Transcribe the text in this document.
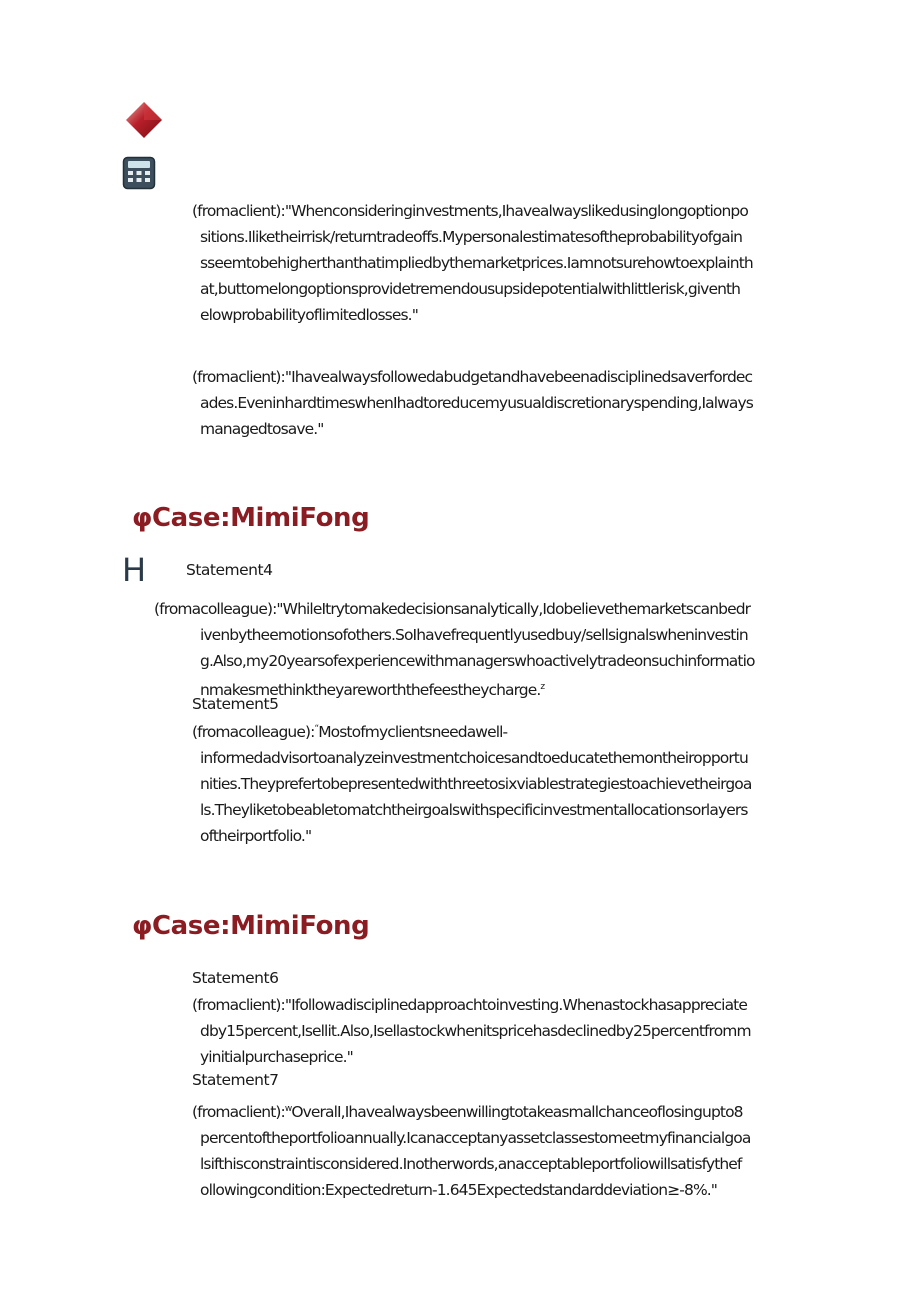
(fromaclient):"Whenconsideringinvestments,Ihavealwayslikedusinglongoptionpo
sitions.Iliketheirrisk/returntradeoffs.Mypersonalestimatesoftheprobabilityofgain
sseemtobehigherthanthatimpliedbythemarketprices.Iamnotsurehowtoexplainth
at,buttomelongoptionsprovidetremendousupsidepotentialwithlittlerisk,giventh
elowprobabilityoflimitedlosses."
(fromaclient):"Ihavealwaysfollowedabudgetandhavebeenadisciplinedsaverfordec
ades.EveninhardtimeswhenIhadtoreducemyusualdiscretionaryspending,Ialways
managedtosave."
φCase:MimiFong
H	Statement4
(fromacolleague):"WhileItrytomakedecisionsanalytically,Idobelievethemarketscanbedr
ivenbytheemotionsofothers.SoIhavefrequentlyusedbuy/sellsignalswheninvestin
g.Also,my20yearsofexperiencewithmanagerswhoactivelytradeonsuchinformatio
nmakesmethinktheyareworththefeestheycharge.$^z$
Statement5
(fromacolleague):“Mostofmyclientsneedawell-
informedadvisortoanalyzeinvestmentchoicesandtoeducatethemontheiropportu
nities.Theyprefertobepresentedwiththreetosixviablestrategiestoachievetheirgoa
ls.Theyliketobeabletomatchtheirgoalswithspecificinvestmentallocationsorlayers
oftheirportfolio."
φCase:MimiFong
Statement6
(fromaclient):"Ifollowadisciplinedapproachtoinvesting.Whenastockhasappreciate
dby15percent,Isellit.Also,Isellastockwhenitspricehasdeclinedby25percentfromm
yinitialpurchaseprice."
Statement7
(fromaclient):$^w$OveralI,Ihavealwaysbeenwillingtotakeasmallchanceoflosingupto8
percentoftheportfolioannually.Icanacceptanyassetclassestomeetmyfinancialgoa
lsifthisconstraintisconsidered.Inotherwords,anacceptableportfoliowillsatisfythef
ollowingcondition:Expectedreturn-1.645Expectedstandarddeviation≥-8%."
